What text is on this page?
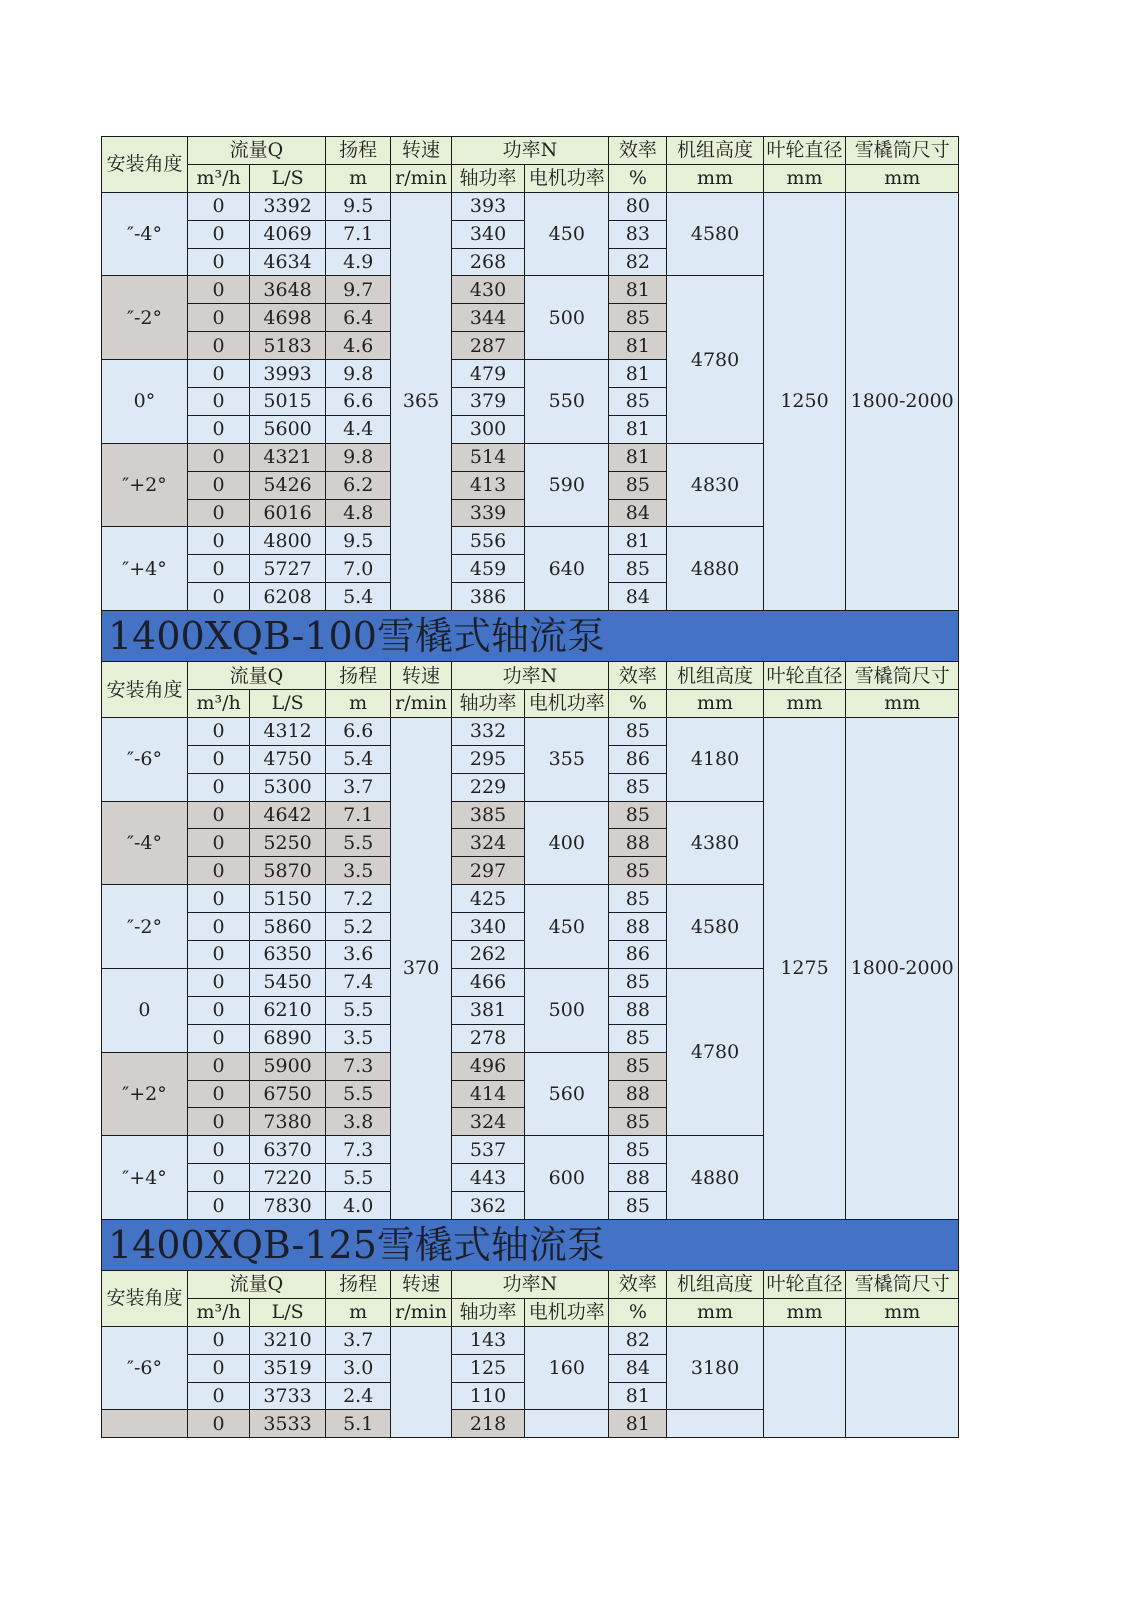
安装角度	流量Q		扬程	转速	功率N		效率	机组高度	叶轮直径	雪橇筒尺寸
	m³/h	L/S	m	r/min	轴功率	电机功率	%	mm	mm	mm
″-4°	0	3392	9.5	365	393	450	80	4580	1250	1800-2000
	0	4069	7.1		340		83			
	0	4634	4.9		268		82			
″-2°	0	3648	9.7		430	500	81	4780		
	0	4698	6.4		344		85			
	0	5183	4.6		287		81			
0°	0	3993	9.8		479	550	81			
	0	5015	6.6		379		85			
	0	5600	4.4		300		81			
″+2°	0	4321	9.8		514	590	81	4830		
	0	5426	6.2		413		85			
	0	6016	4.8		339		84			
″+4°	0	4800	9.5		556	640	81	4880		
	0	5727	7.0		459		85			
	0	6208	5.4		386		84			
1400XQB-100雪橇式轴流泵
安装角度	流量Q		扬程	转速	功率N		效率	机组高度	叶轮直径	雪橇筒尺寸
	m³/h	L/S	m	r/min	轴功率	电机功率	%	mm	mm	mm
″-6°	0	4312	6.6	370	332	355	85	4180	1275	1800-2000
	0	4750	5.4		295		86			
	0	5300	3.7		229		85			
″-4°	0	4642	7.1		385	400	85	4380		
	0	5250	5.5		324		88			
	0	5870	3.5		297		85			
″-2°	0	5150	7.2		425	450	85	4580		
	0	5860	5.2		340		88			
	0	6350	3.6		262		86			
0	0	5450	7.4		466	500	85	4780		
	0	6210	5.5		381		88			
	0	6890	3.5		278		85			
″+2°	0	5900	7.3		496	560	85			
	0	6750	5.5		414		88			
	0	7380	3.8		324		85			
″+4°	0	6370	7.3		537	600	85	4880		
	0	7220	5.5		443		88			
	0	7830	4.0		362		85			
1400XQB-125雪橇式轴流泵
安装角度	流量Q		扬程	转速	功率N		效率	机组高度	叶轮直径	雪橇筒尺寸
	m³/h	L/S	m	r/min	轴功率	电机功率	%	mm	mm	mm
″-6°	0	3210	3.7		143	160	82	3180		
	0	3519	3.0		125		84			
	0	3733	2.4		110		81			
	0	3533	5.1		218		81			
